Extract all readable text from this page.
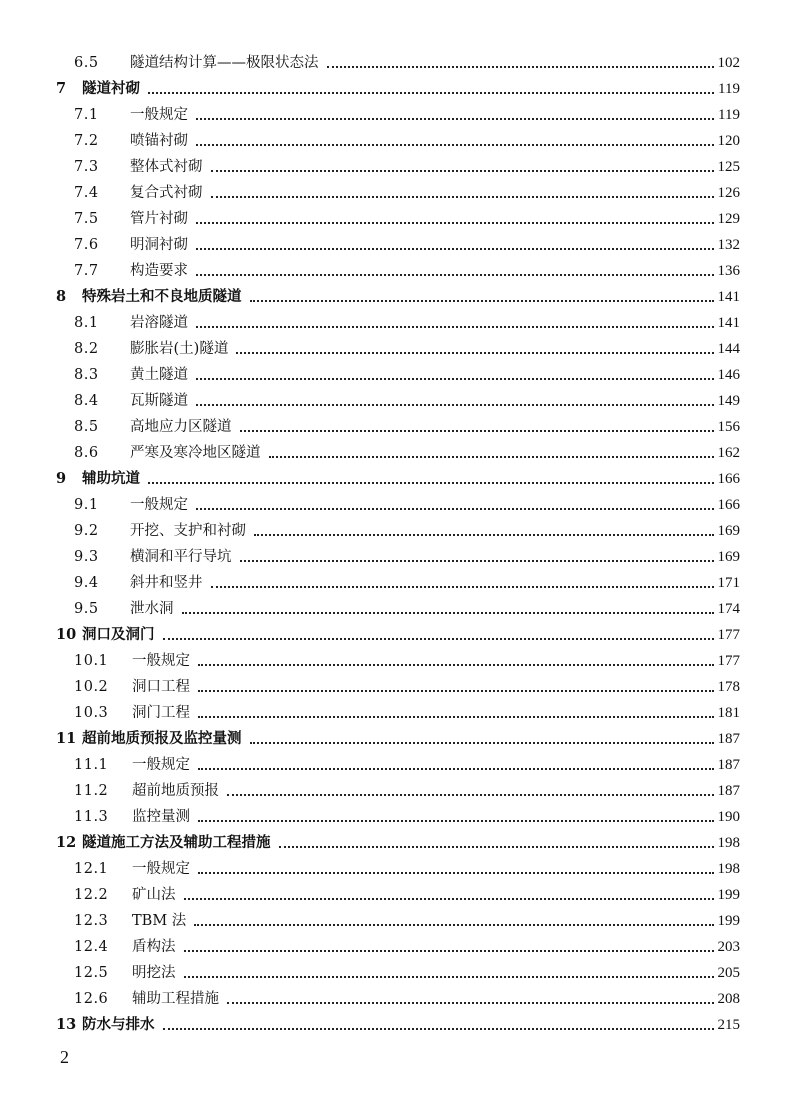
6.5	隧道结构计算——极限状态法	102
7	隧道衬砌	119
7.1	一般规定	119
7.2	喷锚衬砌	120
7.3	整体式衬砌	125
7.4	复合式衬砌	126
7.5	管片衬砌	129
7.6	明洞衬砌	132
7.7	构造要求	136
8	特殊岩土和不良地质隧道	141
8.1	岩溶隧道	141
8.2	膨胀岩(土)隧道	144
8.3	黄土隧道	146
8.4	瓦斯隧道	149
8.5	高地应力区隧道	156
8.6	严寒及寒冷地区隧道	162
9	辅助坑道	166
9.1	一般规定	166
9.2	开挖、支护和衬砌	169
9.3	横洞和平行导坑	169
9.4	斜井和竖井	171
9.5	泄水洞	174
10 洞口及洞门	177
10.1	一般规定	177
10.2	洞口工程	178
10.3	洞门工程	181
11 超前地质预报及监控量测	187
11.1	一般规定	187
11.2	超前地质预报	187
11.3	监控量测	190
12 隧道施工方法及辅助工程措施	198
12.1	一般规定	198
12.2	矿山法	199
12.3	TBM 法	199
12.4	盾构法	203
12.5	明挖法	205
12.6	辅助工程措施	208
13 防水与排水	215
2
